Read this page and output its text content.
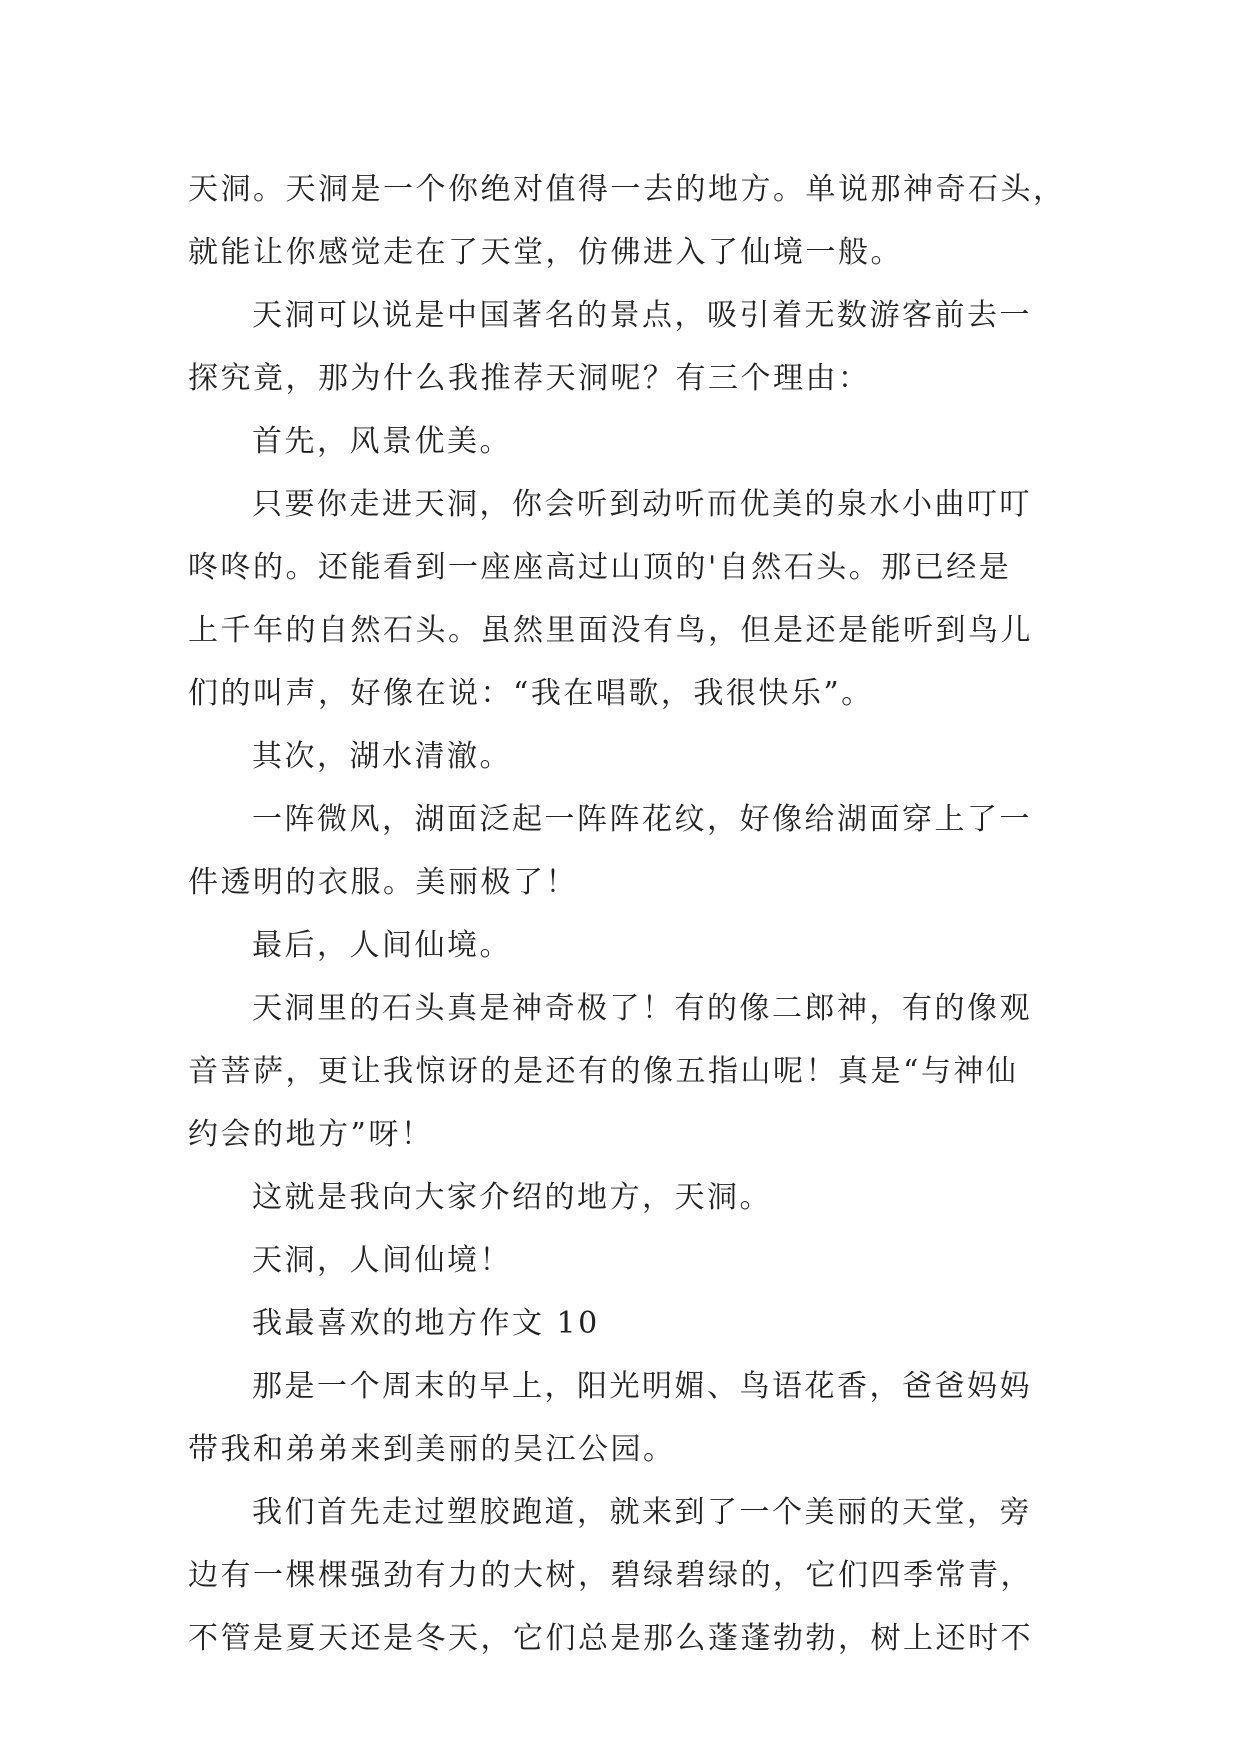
天洞。天洞是一个你绝对值得一去的地方。单说那神奇石头，
就能让你感觉走在了天堂，仿佛进入了仙境一般。
天洞可以说是中国著名的景点，吸引着无数游客前去一
探究竟，那为什么我推荐天洞呢？有三个理由：
首先，风景优美。
只要你走进天洞，你会听到动听而优美的泉水小曲叮叮
咚咚的。还能看到一座座高过山顶的'自然石头。那已经是
上千年的自然石头。虽然里面没有鸟，但是还是能听到鸟儿
们的叫声，好像在说：“我在唱歌，我很快乐”。
其次，湖水清澈。
一阵微风，湖面泛起一阵阵花纹，好像给湖面穿上了一
件透明的衣服。美丽极了！
最后，人间仙境。
天洞里的石头真是神奇极了！有的像二郎神，有的像观
音菩萨，更让我惊讶的是还有的像五指山呢！真是“与神仙
约会的地方”呀！
这就是我向大家介绍的地方，天洞。
天洞，人间仙境！
我最喜欢的地方作文 10
那是一个周末的早上，阳光明媚、鸟语花香，爸爸妈妈
带我和弟弟来到美丽的吴江公园。
我们首先走过塑胶跑道，就来到了一个美丽的天堂，旁
边有一棵棵强劲有力的大树，碧绿碧绿的，它们四季常青，
不管是夏天还是冬天，它们总是那么蓬蓬勃勃，树上还时不
